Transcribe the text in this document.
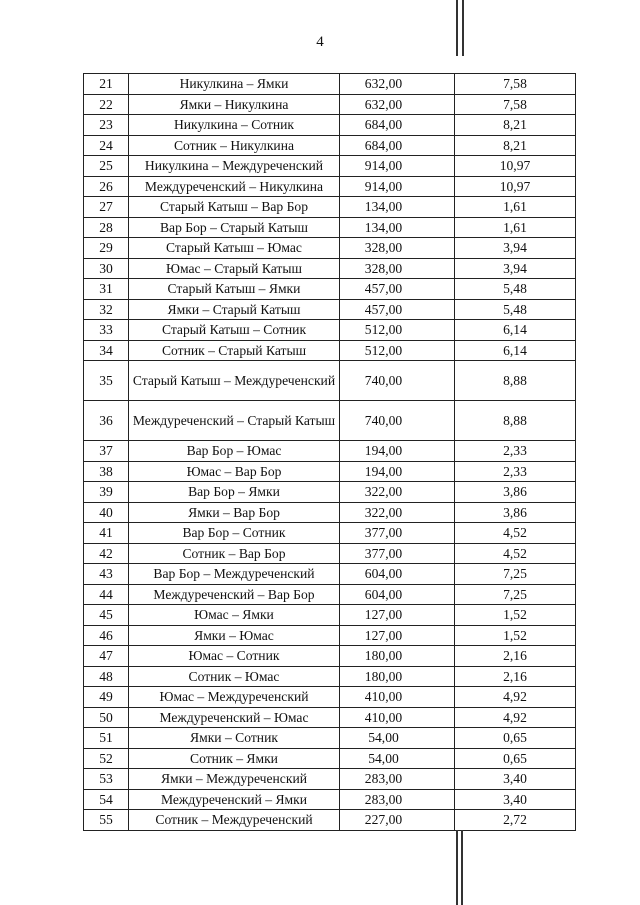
4
21	Никулкина – Ямки	632,00	7,58
22	Ямки – Никулкина	632,00	7,58
23	Никулкина – Сотник	684,00	8,21
24	Сотник – Никулкина	684,00	8,21
25	Никулкина – Междуреченский	914,00	10,97
26	Междуреченский – Никулкина	914,00	10,97
27	Старый Катыш – Вар Бор	134,00	1,61
28	Вар Бор – Старый Катыш	134,00	1,61
29	Старый Катыш – Юмас	328,00	3,94
30	Юмас – Старый Катыш	328,00	3,94
31	Старый Катыш – Ямки	457,00	5,48
32	Ямки – Старый Катыш	457,00	5,48
33	Старый Катыш – Сотник	512,00	6,14
34	Сотник – Старый Катыш	512,00	6,14
35	Старый Катыш – Междуреченский	740,00	8,88
36	Междуреченский – Старый Катыш	740,00	8,88
37	Вар Бор – Юмас	194,00	2,33
38	Юмас – Вар Бор	194,00	2,33
39	Вар Бор – Ямки	322,00	3,86
40	Ямки – Вар Бор	322,00	3,86
41	Вар Бор – Сотник	377,00	4,52
42	Сотник – Вар Бор	377,00	4,52
43	Вар Бор – Междуреченский	604,00	7,25
44	Междуреченский – Вар Бор	604,00	7,25
45	Юмас – Ямки	127,00	1,52
46	Ямки – Юмас	127,00	1,52
47	Юмас – Сотник	180,00	2,16
48	Сотник – Юмас	180,00	2,16
49	Юмас – Междуреченский	410,00	4,92
50	Междуреченский – Юмас	410,00	4,92
51	Ямки – Сотник	54,00	0,65
52	Сотник – Ямки	54,00	0,65
53	Ямки – Междуреченский	283,00	3,40
54	Междуреченский – Ямки	283,00	3,40
55	Сотник – Междуреченский	227,00	2,72
